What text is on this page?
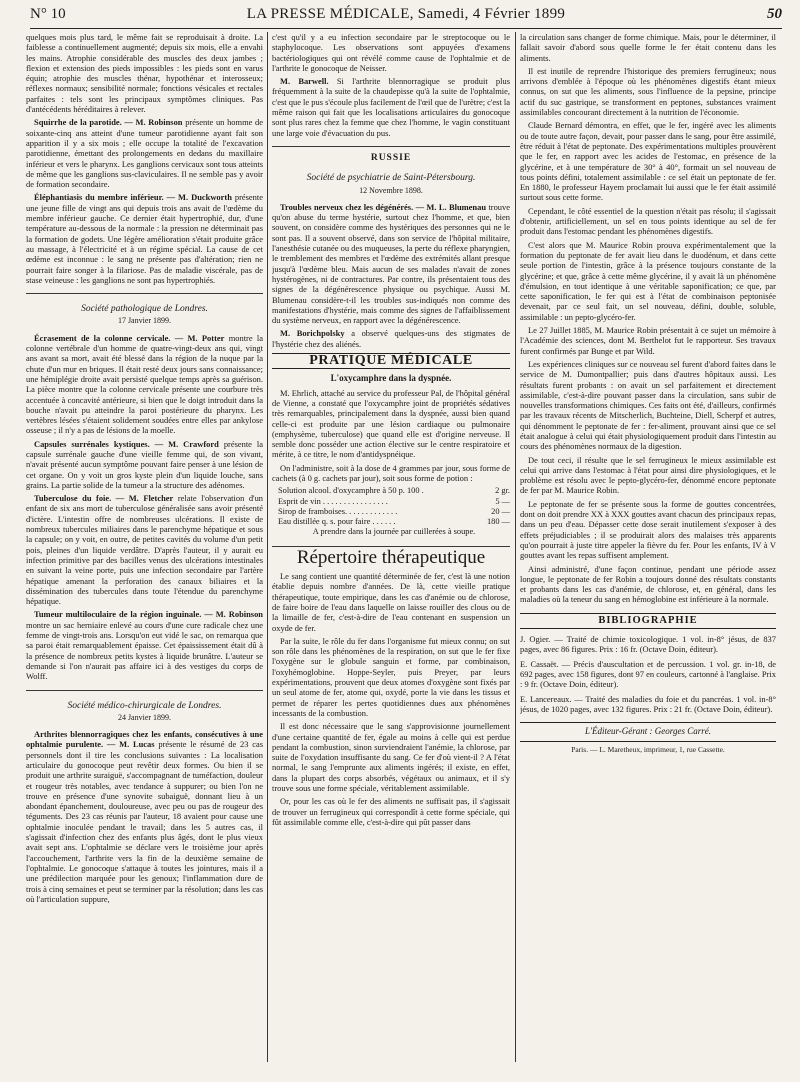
N° 10	LA PRESSE MÉDICALE, Samedi, 4 Février 1899	50

quelques mois plus tard, le même fait se reproduisait à droite. La faiblesse a continuellement augmenté; depuis six mois, elle a envahi les mains. Atrophie considérable des muscles des deux jambes ; flexion et extension des pieds impossibles : les pieds sont en varus équin; atrophie des muscles thénar, hypothénar et interosseux; réflexes normaux; sensibilité normale; fonctions vésicales et rectales parfaites : tels sont les principaux symptômes cliniques. Pas d'antécédents héréditaires à relever.

Squirrhe de la parotide. — M. Robinson présente un homme de soixante-cinq ans atteint d'une tumeur parotidienne ayant fait son apparition il y a six mois ; elle occupe la totalité de l'excavation parotidienne, émettant des prolongements en dedans du maxillaire inférieur et vers le pharynx. Les ganglions cervicaux sont tous atteints de même que les ganglions sus-claviculaires. Il ne semble pas y avoir de formation secondaire.

Éléphantiasis du membre inférieur. — M. Duckworth présente une jeune fille de vingt ans qui depuis trois ans avait de l'œdème du membre inférieur gauche. Ce dernier était hypertrophié, dur, d'une température au-dessous de la normale : la pression ne déterminait pas la formation de godets. Une légère amélioration s'était produite grâce au massage, à l'électricité et à un régime spécial. La cause de cet œdème est inconnue : le sang ne présente pas d'altération; rien ne pourrait faire songer à la filariose. Pas de maladie viscérale, pas de stase veineuse : les ganglions ne sont pas hypertrophiés.

Société pathologique de Londres.
17 Janvier 1899.

Écrasement de la colonne cervicale. — M. Potter montre la colonne vertébrale d'un homme de quatre-vingt-deux ans qui, vingt ans avant sa mort, avait été blessé dans la région de la nuque par la chute d'un mur en briques. Il était resté deux jours sans connaissance; une hémiplégie droite avait persisté quelque temps après sa guérison. La pièce montre que la colonne cervicale présente une courbure très accentuée à concavité antérieure, si bien que le doigt introduit dans la bouche n'avait pu atteindre la paroi postérieure du pharynx. Les vertèbres lésées s'étaient solidement soudées entre elles par ankylose osseuse ; il n'y a pas de lésions de la moelle.

Capsules surrénales kystiques. — M. Crawford présente la capsule surrénale gauche d'une vieille femme qui, de son vivant, n'avait présenté aucun symptôme pouvant faire penser à une lésion de cet organe. On y voit un gros kyste plein d'un liquide louche, sans grains. La partie solide de la tumeur a la structure des adénomes.

Tuberculose du foie. — M. Fletcher relate l'observation d'un enfant de six ans mort de tuberculose généralisée sans avoir présenté d'ictère. L'intestin offre de nombreuses ulcérations. Il existe de nombreux tubercules miliaires dans le parenchyme hépatique et sous la capsule; on y voit, en outre, de petites cavités du volume d'un petit pois, pleines d'un liquide verdâtre. D'après l'auteur, il y aurait eu infection primitive par des bacilles venus des ulcérations intestinales en suivant la veine porte, puis une infection secondaire par l'artère hépatique amenant la perforation des canaux biliaires et la dissémination des tubercules dans toute l'étendue du parenchyme hépatique.

Tumeur multiloculaire de la région inguinale. — M. Robinson montre un sac herniaire enlevé au cours d'une cure radicale chez une femme de vingt-trois ans. Lorsqu'on eut vidé le sac, on remarqua que sa paroi était remarquablement épaisse. Cet épaississement était dû à la présence de nombreux petits kystes à liquide brunâtre. L'auteur se demande si l'on n'aurait pas affaire ici à des vestiges du corps de Wolff.

Société médico-chirurgicale de Londres.
24 Janvier 1899.

Arthrites blennorragiques chez les enfants, consécutives à une ophtalmie purulente. — M. Lucas présente le résumé de 23 cas personnels dont il tire les conclusions suivantes : La localisation articulaire du gonocoque peut revêtir deux formes. Ou bien il se produit une arthrite suraiguë, s'accompagnant de tuméfaction, douleur et rougeur très notables, avec tendance à suppurer; ou bien l'on ne trouve en présence d'une synovite subaiguë, donnant lieu à un abondant épanchement, douloureuse, avec peu ou pas de rougeur des téguments. Des 23 cas réunis par l'auteur, 18 avaient pour cause une ophtalmie inoculée pendant le travail; dans les 5 autres cas, il s'agissait d'infection chez des enfants plus âgés, dont le plus vieux avait sept ans. L'ophtalmie se déclare vers le troisième jour après l'accouchement, l'arthrite vers la fin de la deuxième semaine de l'ophtalmie. Le gonocoque s'attaque à toutes les jointures, mais il a une prédilection marquée pour les genoux; l'inflammation dure de trois à cinq semaines et peut se terminer par la résolution; dans les cas où l'articulation suppure,

c'est qu'il y a eu infection secondaire par le streptocoque ou le staphylocoque. Les observations sont appuyées d'examens bactériologiques qui ont révélé comme cause de l'ophtalmie et de l'arthrite le gonocoque de Neisser.

M. Barwell. Si l'arthrite blennorragique se produit plus fréquemment à la suite de la chaudepisse qu'à la suite de l'ophtalmie, c'est que le pus s'écoule plus facilement de l'œil que de l'urètre; c'est la même raison qui fait que les localisations articulaires du gonocoque sont plus rares chez la femme que chez l'homme, le vagin constituant une large voie d'évacuation du pus.

RUSSIE
Société de psychiatrie de Saint-Pétersbourg.
12 Novembre 1898.

Troubles nerveux chez les dégénérés. — M. L. Blumenau trouve qu'on abuse du terme hystérie, surtout chez l'homme, et que, bien souvent, on considère comme des hystériques des personnes qui ne le sont pas. Il a souvent observé, dans son service de l'hôpital militaire, l'anesthésie cutanée ou des muqueuses, la perte du réflexe pharyngien, le tremblement des membres et l'œdème des extrémités allant presque jusqu'à l'œdème bleu. Mais aucun de ses malades n'avait de zones hystérogènes, ni de contractures. Par contre, ils présentaient tous des signes de la dégénérescence physique ou psychique. Aussi M. Blumenau considère-t-il les troubles sus-indiqués non comme des manifestations d'hystérie, mais comme des signes de l'affaiblissement du système nerveux, en rapport avec la dégénérescence.

M. Borichpolsky a observé quelques-uns des stigmates de l'hystérie chez des aliénés.

PRATIQUE MÉDICALE
L'oxycamphre dans la dyspnée.

M. Ehrlich, attaché au service du professeur Pal, de l'hôpital général de Vienne, a constaté que l'oxycamphre joint de propriétés sédatives très remarquables, principalement dans la dyspnée, aussi bien quand celle-ci est produite par une lésion cardiaque ou pulmonaire (emphysème, tuberculose) que quand elle est d'origine nerveuse. Il semble donc posséder une action élective sur le centre respiratoire et mérite, à ce titre, le nom d'antidyspnéique.

On l'administre, soit à la dose de 4 grammes par jour, sous forme de cachets (à 0 g. cachets par jour), soit sous forme de potion :

Solution alcool. d'oxycamphre à 50 p. 100 .	2 gr.
Esprit de vin . . . . . . . . . . . . . . . .	5 —
Sirop de framboises. . . . . . . . . . . . .	20 —
Eau distillée q. s. pour faire . . . . . .	180 —
A prendre dans la journée par cuillerées à soupe.
Répertoire thérapeutique

Le sang contient une quantité déterminée de fer, c'est là une notion établie depuis nombre d'années. De là, cette vieille pratique thérapeutique, toute empirique, dans les cas d'anémie ou de chlorose, de faire boire de l'eau dans laquelle on laisse rouiller des clous ou de la limaille de fer, c'est-à-dire de l'eau contenant en suspension un oxyde de fer.

Par la suite, le rôle du fer dans l'organisme fut mieux connu; on sut son rôle dans les phénomènes de la respiration, on sut que le fer fixe l'oxygène sur le globule sanguin et forme, par combinaison, l'oxyhémoglobine. Hoppe-Seyler, puis Preyer, par leurs expérimentations, prouvent que deux atomes d'oxygène sont fixés par un seul atome de fer, atome qui, oxydé, porte la vie dans les tissus et permet de réparer les pertes quotidiennes dues aux phénomènes incessants de la combustion.

Il est donc nécessaire que le sang s'approvisionne journellement d'une certaine quantité de fer, égale au moins à celle qui est perdue pendant la combustion, sinon surviendraient l'anémie, la chlorose, par suite de l'oxydation insuffisante du sang. Ce fer d'où vient-il ? A l'état normal, le sang l'emprunte aux aliments ingérés; il existe, en effet, dans la plupart des corps absorbés, végétaux ou animaux, et il s'y trouve sous une forme spéciale, véritablement assimilable.

Or, pour les cas où le fer des aliments ne suffisait pas, il s'agissait de trouver un ferrugineux qui correspondît à cette forme spéciale, qui fût assimilable comme elle, c'est-à-dire qui pût passer dans

la circulation sans changer de forme chimique. Mais, pour le déterminer, il fallait savoir d'abord sous quelle forme le fer était contenu dans les aliments.

Il est inutile de reprendre l'historique des premiers ferrugineux; nous arrivons d'emblée à l'époque où les phénomènes digestifs étant mieux connus, on sut que les aliments, sous l'influence de la pepsine, principe actif du suc gastrique, se transforment en peptones, substances vraiment assimilables concourant directement à la nutrition de l'économie.

Claude Bernard démontra, en effet, que le fer, ingéré avec les aliments ou de toute autre façon, devait, pour passer dans le sang, pour être assimilé, être réduit à l'état de peptonate. Des expérimentations multiples prouvèrent que le fer, en rapport avec les acides de l'estomac, en présence de la glycérine, et à une température de 30° à 40°, formait un sel nouveau de tous points défini, totalement assimilable : ce sel était un peptonate de fer. En 1880, le professeur Hayem proclamait lui aussi que le fer était assimilé surtout sous cette forme.

Cependant, le côté essentiel de la question n'était pas résolu; il s'agissait d'obtenir, artificiellement, un sel en tous points identique au sel de fer produit dans l'estomac pendant les phénomènes digestifs.

C'est alors que M. Maurice Robin prouva expérimentalement que la formation du peptonate de fer avait lieu dans le duodénum, et dans cette seule portion de l'intestin, grâce à la présence toujours constante de la glycérine; et que, grâce à cette même glycérine, il y avait là un phénomène d'émulsion, en tout identique à une véritable saponification; ce que, par cette saponification, le fer qui est à l'état de combinaison peptonisée devenait, par ce seul fait, un sel nouveau, défini, double, soluble, assimilable : un pepto-glycéro-fer.

Le 27 Juillet 1885, M. Maurice Robin présentait à ce sujet un mémoire à l'Académie des sciences, dont M. Berthelot fut le rapporteur. Ses travaux furent confirmés par Bunge et par Wild.

Les expériences cliniques sur ce nouveau sel furent d'abord faites dans le service de M. Dumontpallier; puis dans d'autres hôpitaux aussi. Les résultats furent probants : on avait un sel parfaitement et directement assimilable, c'est-à-dire pouvant passer dans la circulation, sans subir de nouvelles transformations chimiques. Ces faits ont été, d'ailleurs, confirmés par les travaux récents de Mitscherlich, Buchteine, Diell, Scherpf et autres, qui dénomment le peptonate de fer : fer-aliment, prouvant ainsi que ce sel était analogue à celui qui était physiologiquement produit dans l'intestin au cours des phénomènes normaux de la digestion.

De tout ceci, il résulte que le sel ferrugineux le mieux assimilable est celui qui arrive dans l'estomac à l'état pour ainsi dire physiologiques, et le problème est résolu avec le pepto-glycéro-fer, dénommé encore peptonate de fer par M. Maurice Robin.

Le peptonate de fer se présente sous la forme de gouttes concentrées, dont on doit prendre XX à XXX gouttes avant chacun des principaux repas, dans un peu d'eau. Dépasser cette dose serait inutilement s'exposer à des effets préjudiciables ; il se produirait alors des malaises très apparents qu'on pourrait à juste titre appeler la fièvre du fer. Pour les enfants, IV à V gouttes avant les repas suffisent amplement.

Ainsi administré, d'une façon continue, pendant une période assez longue, le peptonate de fer Robin a toujours donné des résultats constants et probants dans les cas d'anémie, de chlorose, et, en général, dans les maladies où la teneur du sang en hémoglobine est inférieure à la normale.

BIBLIOGRAPHIE

J. Ogier. — Traité de chimie toxicologique. 1 vol. in-8° jésus, de 837 pages, avec 86 figures. Prix : 16 fr. (Octave Doin, éditeur).

E. Cassaët. — Précis d'auscultation et de percussion. 1 vol. gr. in-18, de 692 pages, avec 158 figures, dont 97 en couleurs, cartonné à l'anglaise. Prix : 9 fr. (Octave Doin, éditeur).

E. Lancereaux. — Traité des maladies du foie et du pancréas. 1 vol. in-8° jésus, de 1020 pages, avec 132 figures. Prix : 21 fr. (Octave Doin, éditeur).

L'Éditeur-Gérant : Georges Carré.
Paris. — L. Maretheux, imprimeur, 1, rue Cassette.
